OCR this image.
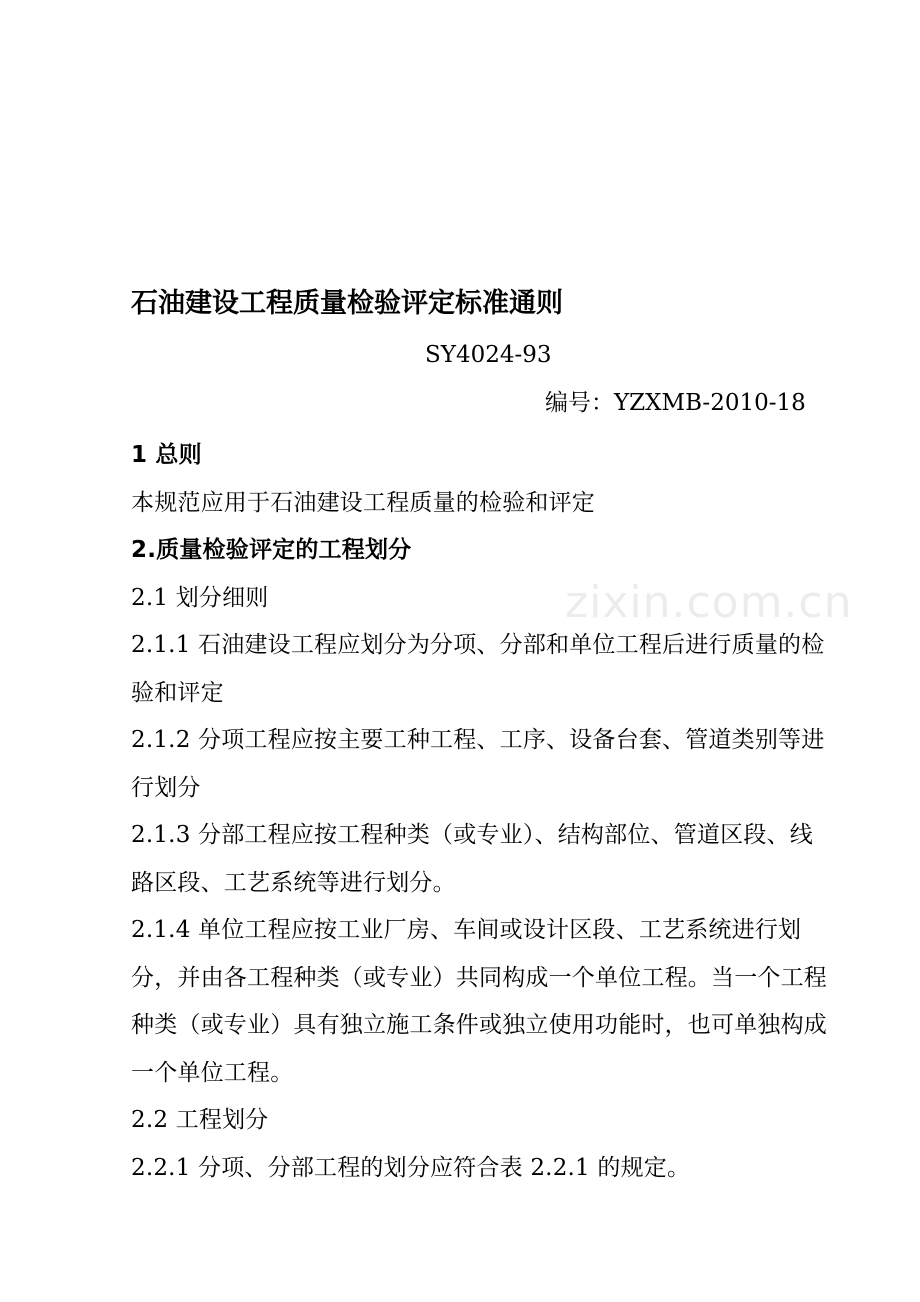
石油建设工程质量检验评定标准通则
SY4024-93
编号：YZXMB-2010-18

1 总则

本规范应用于石油建设工程质量的检验和评定

2.质量检验评定的工程划分

2.1 划分细则

2.1.1 石油建设工程应划分为分项、分部和单位工程后进行质量的检验和评定

2.1.2 分项工程应按主要工种工程、工序、设备台套、管道类别等进行划分

2.1.3 分部工程应按工程种类（或专业）、结构部位、管道区段、线路区段、工艺系统等进行划分。

2.1.4 单位工程应按工业厂房、车间或设计区段、工艺系统进行划分，并由各工程种类（或专业）共同构成一个单位工程。当一个工程种类（或专业）具有独立施工条件或独立使用功能时，也可单独构成一个单位工程。

2.2 工程划分

2.2.1 分项、分部工程的划分应符合表 2.2.1 的规定。

zixin.com.cn
